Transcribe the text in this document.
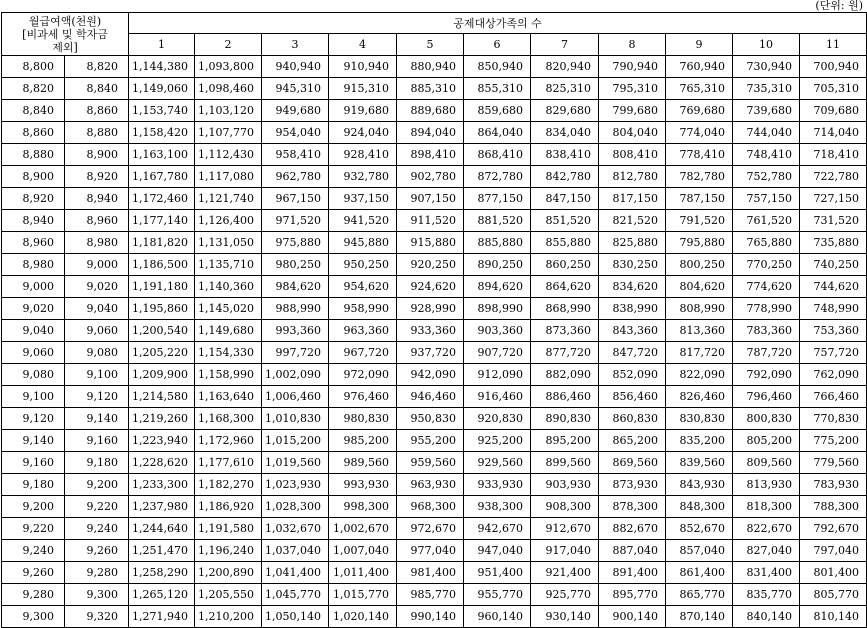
(단위: 원)
월급여액(천원)
[비과세 및 학자금
제외]		공제대상가족의 수										
		1	2	3	4	5	6	7	8	9	10	11
8,800	8,820	1,144,380	1,093,800	940,940	910,940	880,940	850,940	820,940	790,940	760,940	730,940	700,940
8,820	8,840	1,149,060	1,098,460	945,310	915,310	885,310	855,310	825,310	795,310	765,310	735,310	705,310
8,840	8,860	1,153,740	1,103,120	949,680	919,680	889,680	859,680	829,680	799,680	769,680	739,680	709,680
8,860	8,880	1,158,420	1,107,770	954,040	924,040	894,040	864,040	834,040	804,040	774,040	744,040	714,040
8,880	8,900	1,163,100	1,112,430	958,410	928,410	898,410	868,410	838,410	808,410	778,410	748,410	718,410
8,900	8,920	1,167,780	1,117,080	962,780	932,780	902,780	872,780	842,780	812,780	782,780	752,780	722,780
8,920	8,940	1,172,460	1,121,740	967,150	937,150	907,150	877,150	847,150	817,150	787,150	757,150	727,150
8,940	8,960	1,177,140	1,126,400	971,520	941,520	911,520	881,520	851,520	821,520	791,520	761,520	731,520
8,960	8,980	1,181,820	1,131,050	975,880	945,880	915,880	885,880	855,880	825,880	795,880	765,880	735,880
8,980	9,000	1,186,500	1,135,710	980,250	950,250	920,250	890,250	860,250	830,250	800,250	770,250	740,250
9,000	9,020	1,191,180	1,140,360	984,620	954,620	924,620	894,620	864,620	834,620	804,620	774,620	744,620
9,020	9,040	1,195,860	1,145,020	988,990	958,990	928,990	898,990	868,990	838,990	808,990	778,990	748,990
9,040	9,060	1,200,540	1,149,680	993,360	963,360	933,360	903,360	873,360	843,360	813,360	783,360	753,360
9,060	9,080	1,205,220	1,154,330	997,720	967,720	937,720	907,720	877,720	847,720	817,720	787,720	757,720
9,080	9,100	1,209,900	1,158,990	1,002,090	972,090	942,090	912,090	882,090	852,090	822,090	792,090	762,090
9,100	9,120	1,214,580	1,163,640	1,006,460	976,460	946,460	916,460	886,460	856,460	826,460	796,460	766,460
9,120	9,140	1,219,260	1,168,300	1,010,830	980,830	950,830	920,830	890,830	860,830	830,830	800,830	770,830
9,140	9,160	1,223,940	1,172,960	1,015,200	985,200	955,200	925,200	895,200	865,200	835,200	805,200	775,200
9,160	9,180	1,228,620	1,177,610	1,019,560	989,560	959,560	929,560	899,560	869,560	839,560	809,560	779,560
9,180	9,200	1,233,300	1,182,270	1,023,930	993,930	963,930	933,930	903,930	873,930	843,930	813,930	783,930
9,200	9,220	1,237,980	1,186,920	1,028,300	998,300	968,300	938,300	908,300	878,300	848,300	818,300	788,300
9,220	9,240	1,244,640	1,191,580	1,032,670	1,002,670	972,670	942,670	912,670	882,670	852,670	822,670	792,670
9,240	9,260	1,251,470	1,196,240	1,037,040	1,007,040	977,040	947,040	917,040	887,040	857,040	827,040	797,040
9,260	9,280	1,258,290	1,200,890	1,041,400	1,011,400	981,400	951,400	921,400	891,400	861,400	831,400	801,400
9,280	9,300	1,265,120	1,205,550	1,045,770	1,015,770	985,770	955,770	925,770	895,770	865,770	835,770	805,770
9,300	9,320	1,271,940	1,210,200	1,050,140	1,020,140	990,140	960,140	930,140	900,140	870,140	840,140	810,140
